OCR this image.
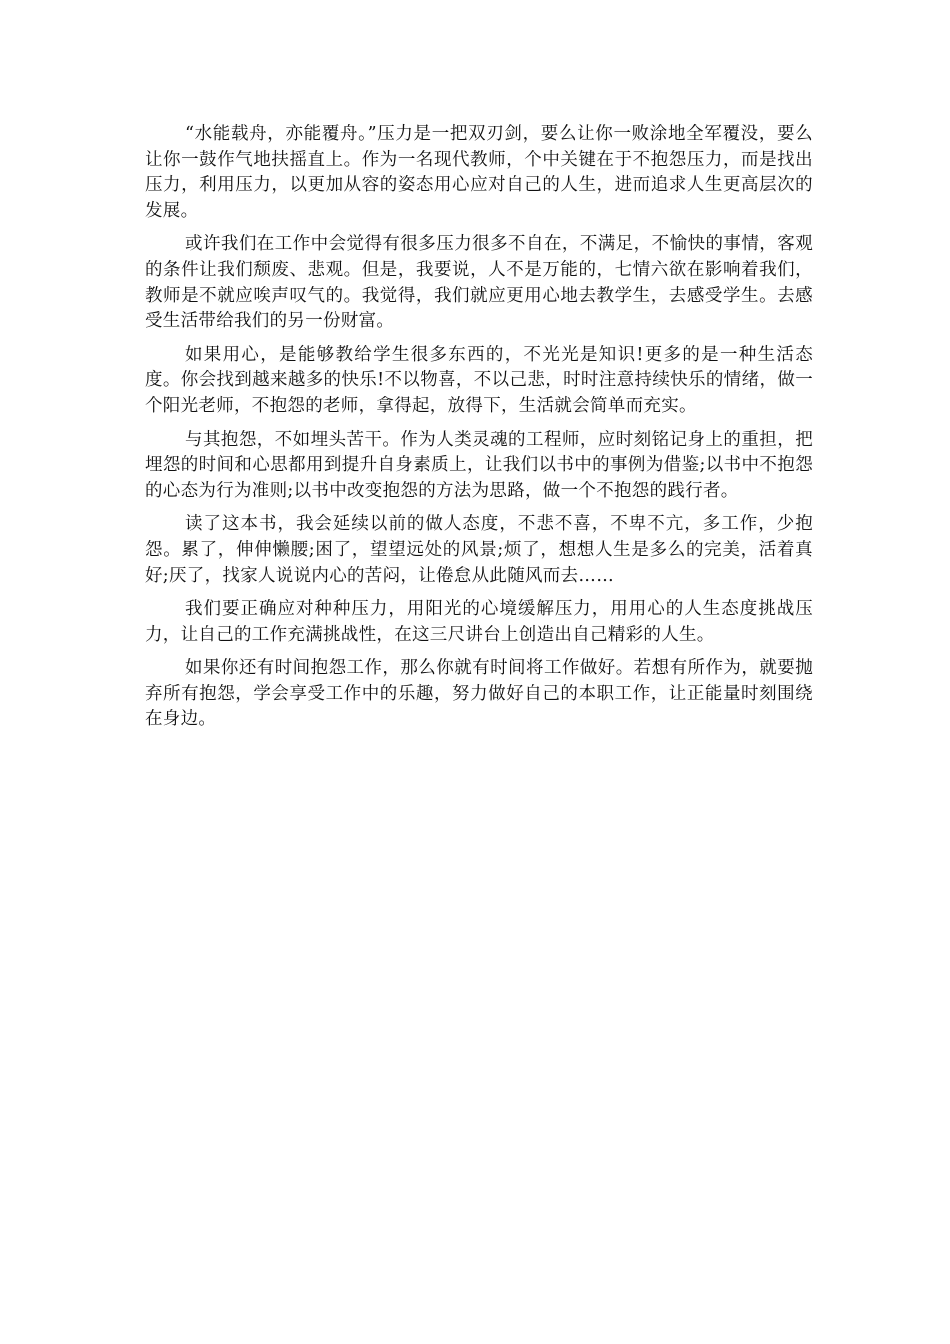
“水能载舟，亦能覆舟。”压力是一把双刃剑，要么让你一败涂地全军覆没，要么让你一鼓作气地扶摇直上。作为一名现代教师，个中关键在于不抱怨压力，而是找出压力，利用压力，以更加从容的姿态用心应对自己的人生，进而追求人生更高层次的发展。

或许我们在工作中会觉得有很多压力很多不自在，不满足，不愉快的事情，客观的条件让我们颓废、悲观。但是，我要说，人不是万能的，七情六欲在影响着我们，教师是不就应唉声叹气的。我觉得，我们就应更用心地去教学生，去感受学生。去感受生活带给我们的另一份财富。

如果用心，是能够教给学生很多东西的，不光光是知识!更多的是一种生活态度。你会找到越来越多的快乐!不以物喜，不以己悲，时时注意持续快乐的情绪，做一个阳光老师，不抱怨的老师，拿得起，放得下，生活就会简单而充实。

与其抱怨，不如埋头苦干。作为人类灵魂的工程师，应时刻铭记身上的重担，把埋怨的时间和心思都用到提升自身素质上，让我们以书中的事例为借鉴;以书中不抱怨的心态为行为准则;以书中改变抱怨的方法为思路，做一个不抱怨的践行者。

读了这本书，我会延续以前的做人态度，不悲不喜，不卑不亢，多工作，少抱怨。累了，伸伸懒腰;困了，望望远处的风景;烦了，想想人生是多么的完美，活着真好;厌了，找家人说说内心的苦闷，让倦怠从此随风而去……

我们要正确应对种种压力，用阳光的心境缓解压力，用用心的人生态度挑战压力，让自己的工作充满挑战性，在这三尺讲台上创造出自己精彩的人生。

如果你还有时间抱怨工作，那么你就有时间将工作做好。若想有所作为，就要抛弃所有抱怨，学会享受工作中的乐趣，努力做好自己的本职工作，让正能量时刻围绕在身边。
